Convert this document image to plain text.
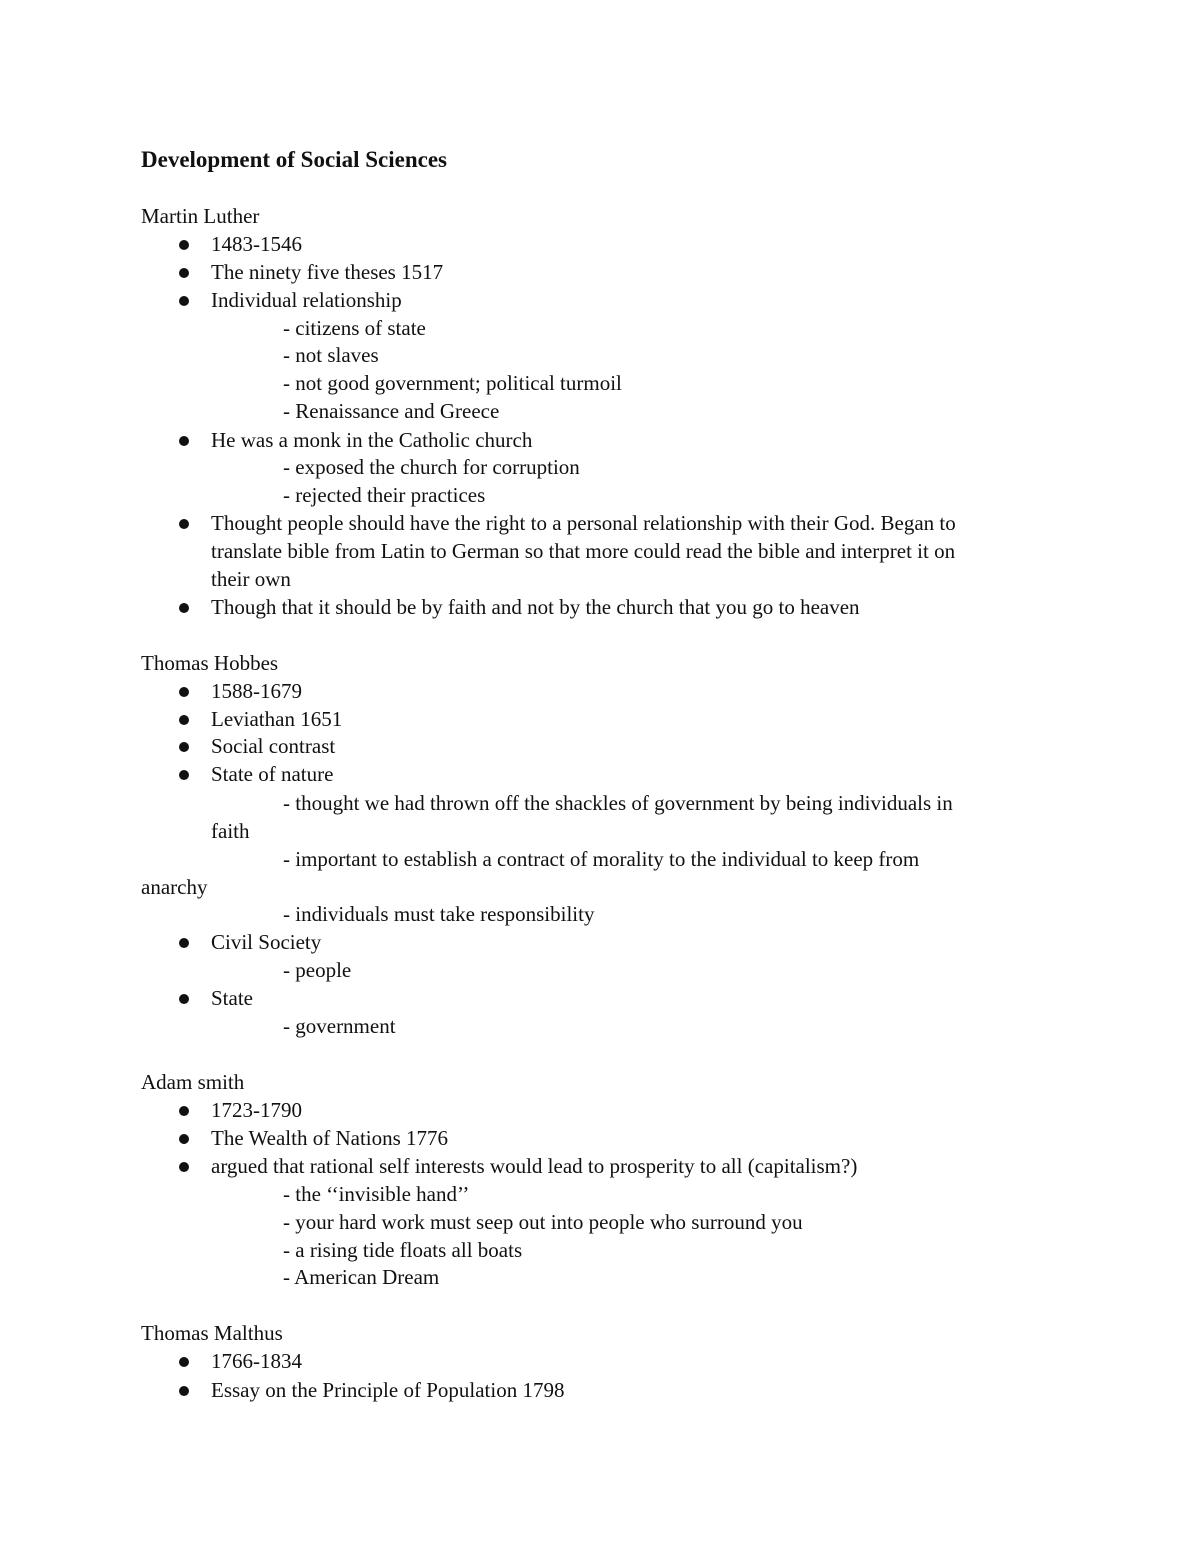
Development of Social Sciences
Martin Luther
1483-1546
The ninety five theses 1517
Individual relationship
- citizens of state
- not slaves
- not good government; political turmoil
- Renaissance and Greece
He was a monk in the Catholic church
- exposed the church for corruption
- rejected their practices
Thought people should have the right to a personal relationship with their God. Began to
translate bible from Latin to German so that more could read the bible and interpret it on
their own
Though that it should be by faith and not by the church that you go to heaven
Thomas Hobbes
1588-1679
Leviathan 1651
Social contrast
State of nature
- thought we had thrown off the shackles of government by being individuals in
faith
- important to establish a contract of morality to the individual to keep from
anarchy
- individuals must take responsibility
Civil Society
- people
State
- government
Adam smith
1723-1790
The Wealth of Nations 1776
argued that rational self interests would lead to prosperity to all (capitalism?)
- the ‘‘invisible hand’’
- your hard work must seep out into people who surround you
- a rising tide floats all boats
- American Dream
Thomas Malthus
1766-1834
Essay on the Principle of Population 1798
